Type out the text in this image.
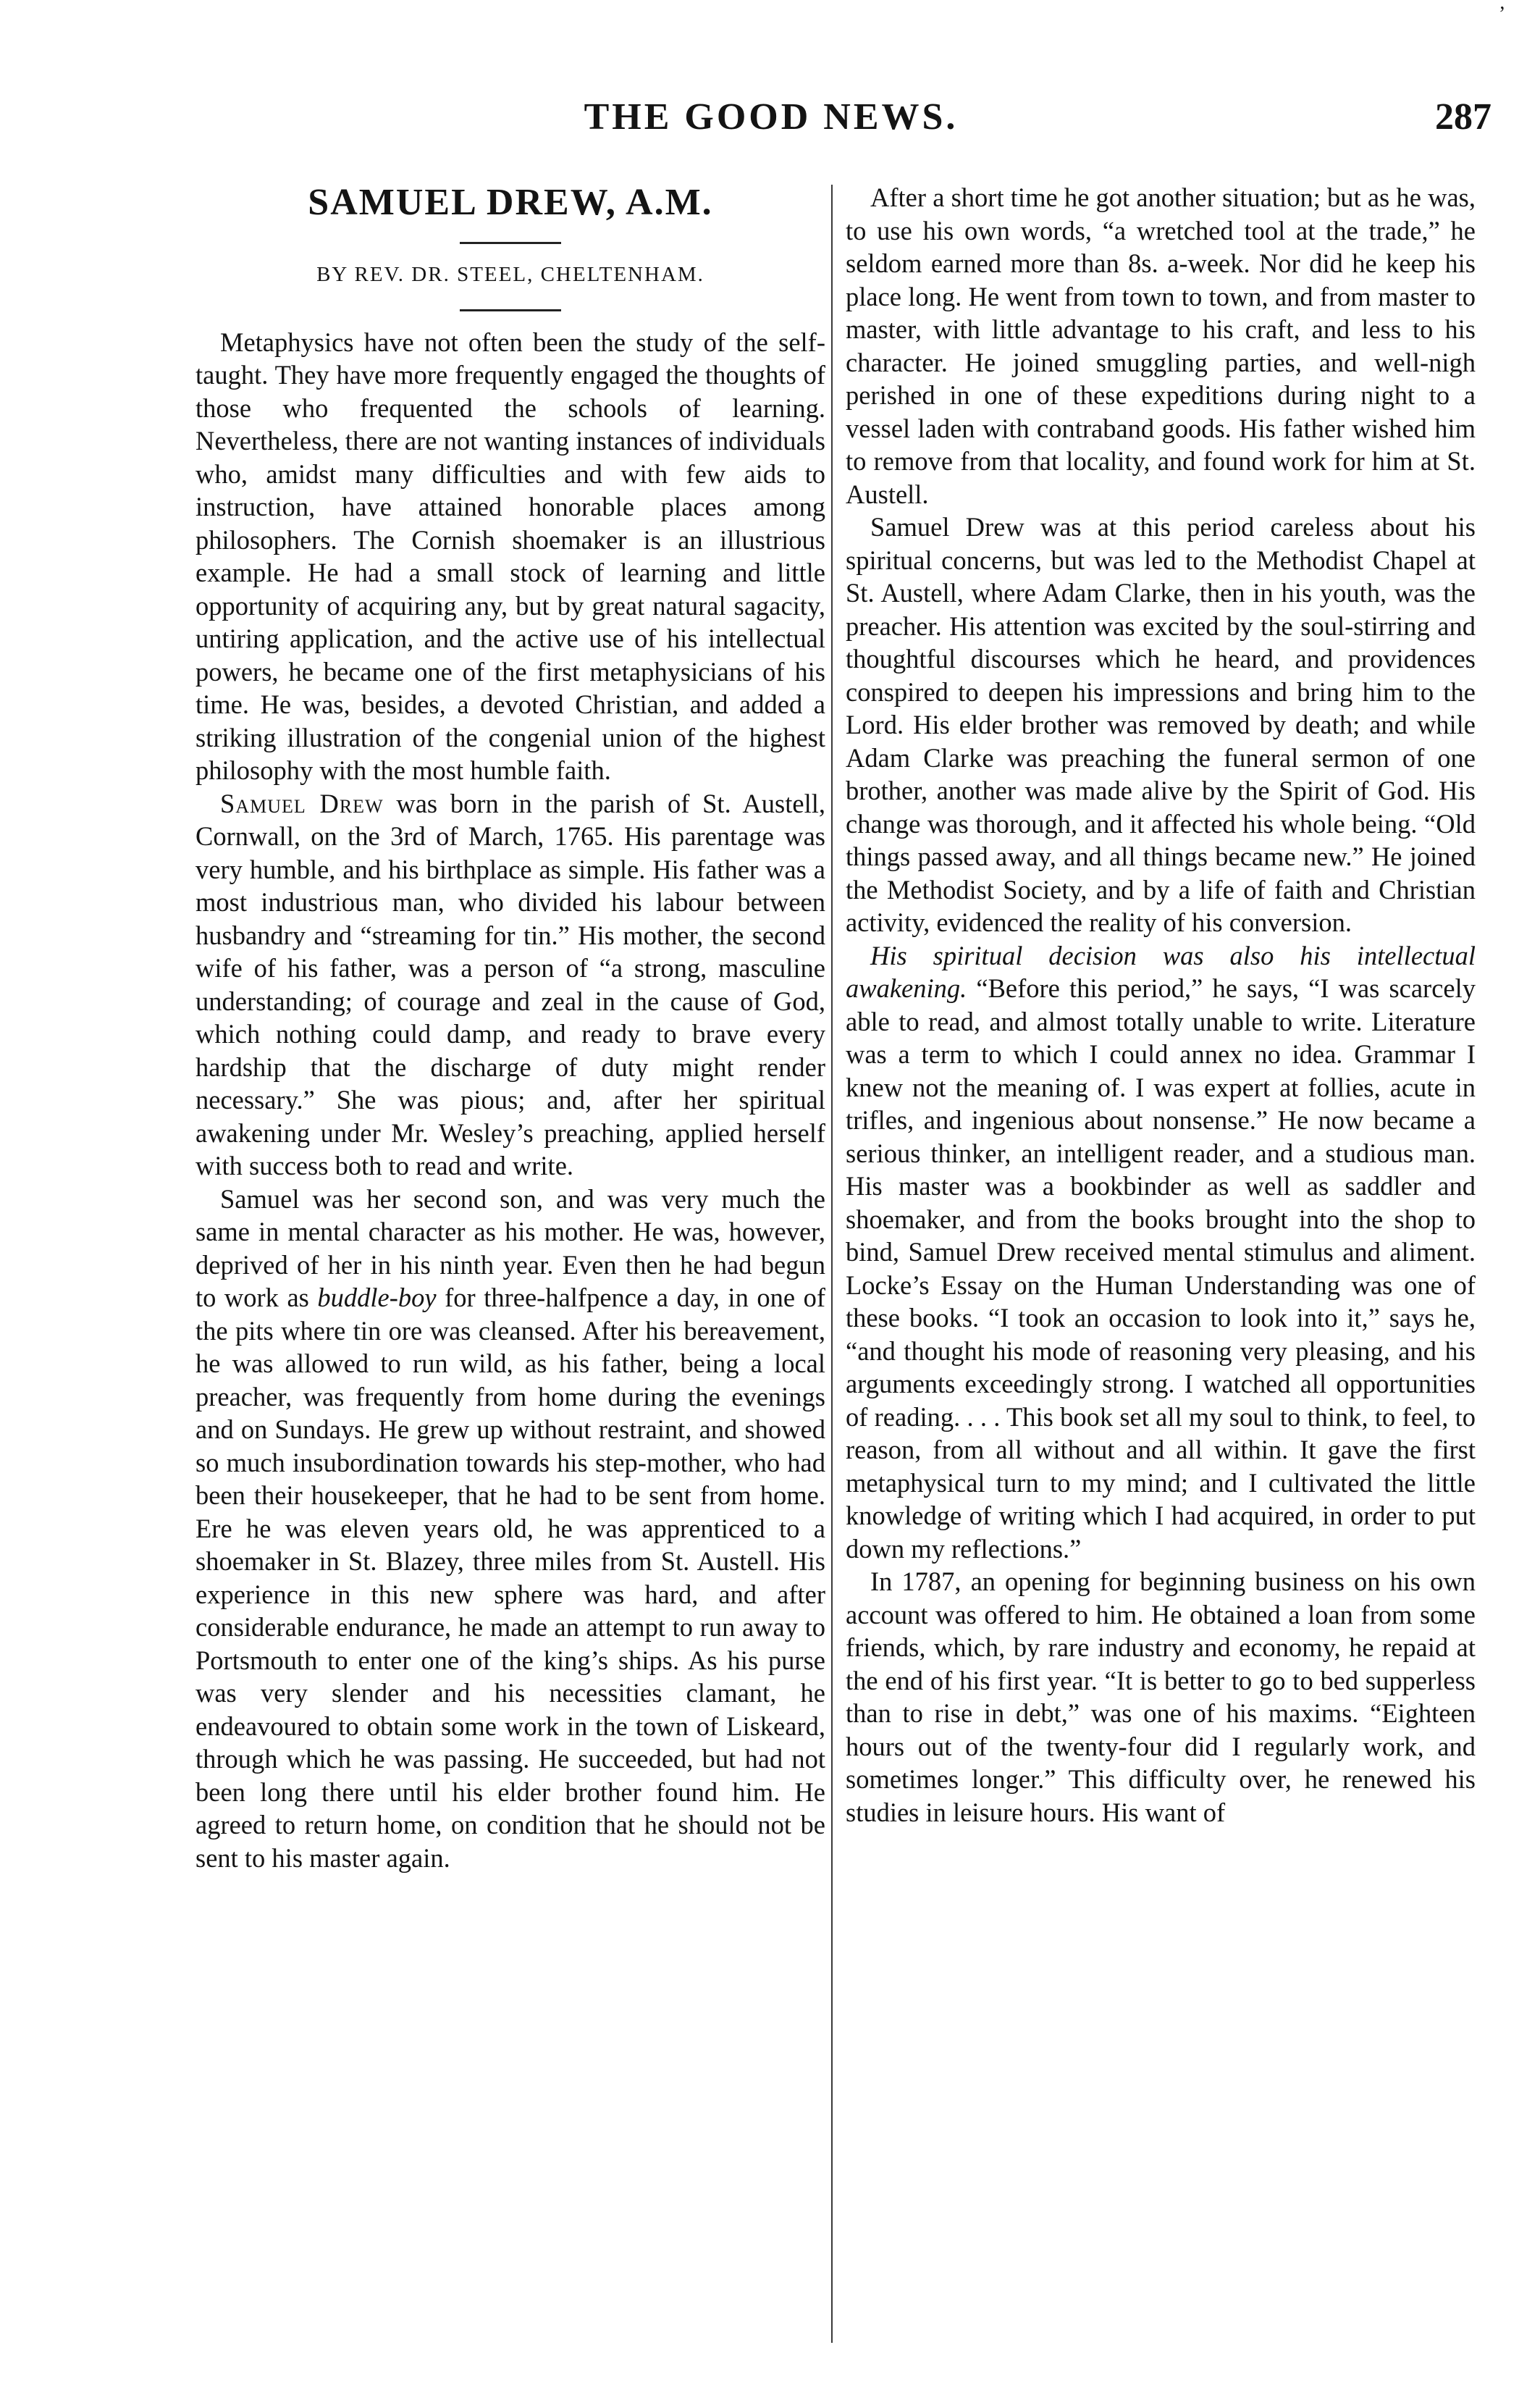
’
THE GOOD NEWS.	287
SAMUEL DREW, A.M.
BY REV. DR. STEEL, CHELTENHAM.

Metaphysics have not often been the study of the self-taught. They have more frequently engaged the thoughts of those who frequented the schools of learning. Nevertheless, there are not wanting instances of individuals who, amidst many difficulties and with few aids to instruction, have attained honorable places among philosophers. The Cornish shoemaker is an illustrious example. He had a small stock of learning and little opportunity of acquiring any, but by great natural sagacity, untiring application, and the active use of his intellectual powers, he became one of the first metaphysicians of his time. He was, besides, a devoted Christian, and added a striking illustration of the congenial union of the highest philosophy with the most humble faith.

Samuel Drew was born in the parish of St. Austell, Cornwall, on the 3rd of March, 1765. His parentage was very humble, and his birthplace as simple. His father was a most industrious man, who divided his labour between husbandry and “streaming for tin.” His mother, the second wife of his father, was a person of “a strong, masculine understanding; of courage and zeal in the cause of God, which nothing could damp, and ready to brave every hardship that the discharge of duty might render necessary.” She was pious; and, after her spiritual awakening under Mr. Wesley’s preaching, applied herself with success both to read and write.

Samuel was her second son, and was very much the same in mental character as his mother. He was, however, deprived of her in his ninth year. Even then he had begun to work as buddle-boy for three-halfpence a day, in one of the pits where tin ore was cleansed. After his bereavement, he was allowed to run wild, as his father, being a local preacher, was frequently from home during the evenings and on Sundays. He grew up without restraint, and showed so much insubordination towards his step-mother, who had been their housekeeper, that he had to be sent from home. Ere he was eleven years old, he was apprenticed to a shoemaker in St. Blazey, three miles from St. Austell. His experience in this new sphere was hard, and after considerable endurance, he made an attempt to run away to Portsmouth to enter one of the king’s ships. As his purse was very slender and his necessities clamant, he endeavoured to obtain some work in the town of Liskeard, through which he was passing. He succeeded, but had not been long there until his elder brother found him. He agreed to return home, on condition that he should not be sent to his master again.

After a short time he got another situation; but as he was, to use his own words, “a wretched tool at the trade,” he seldom earned more than 8s. a-week. Nor did he keep his place long. He went from town to town, and from master to master, with little advantage to his craft, and less to his character. He joined smuggling parties, and well-nigh perished in one of these expeditions during night to a vessel laden with contraband goods. His father wished him to remove from that locality, and found work for him at St. Austell.

Samuel Drew was at this period careless about his spiritual concerns, but was led to the Methodist Chapel at St. Austell, where Adam Clarke, then in his youth, was the preacher. His attention was excited by the soul-stirring and thoughtful discourses which he heard, and providences conspired to deepen his impressions and bring him to the Lord. His elder brother was removed by death; and while Adam Clarke was preaching the funeral sermon of one brother, another was made alive by the Spirit of God. His change was thorough, and it affected his whole being. “Old things passed away, and all things became new.” He joined the Methodist Society, and by a life of faith and Christian activity, evidenced the reality of his conversion.

His spiritual decision was also his intellectual awakening. “Before this period,” he says, “I was scarcely able to read, and almost totally unable to write. Literature was a term to which I could annex no idea. Grammar I knew not the meaning of. I was expert at follies, acute in trifles, and ingenious about nonsense.” He now became a serious thinker, an intelligent reader, and a studious man. His master was a bookbinder as well as saddler and shoemaker, and from the books brought into the shop to bind, Samuel Drew received mental stimulus and aliment. Locke’s Essay on the Human Understanding was one of these books. “I took an occasion to look into it,” says he, “and thought his mode of reasoning very pleasing, and his arguments exceedingly strong. I watched all opportunities of reading. . . . This book set all my soul to think, to feel, to reason, from all without and all within. It gave the first metaphysical turn to my mind; and I cultivated the little knowledge of writing which I had acquired, in order to put down my reflections.”

In 1787, an opening for beginning business on his own account was offered to him. He obtained a loan from some friends, which, by rare industry and economy, he repaid at the end of his first year. “It is better to go to bed supperless than to rise in debt,” was one of his maxims. “Eighteen hours out of the twenty-four did I regularly work, and sometimes longer.” This difficulty over, he renewed his studies in leisure hours. His want of
